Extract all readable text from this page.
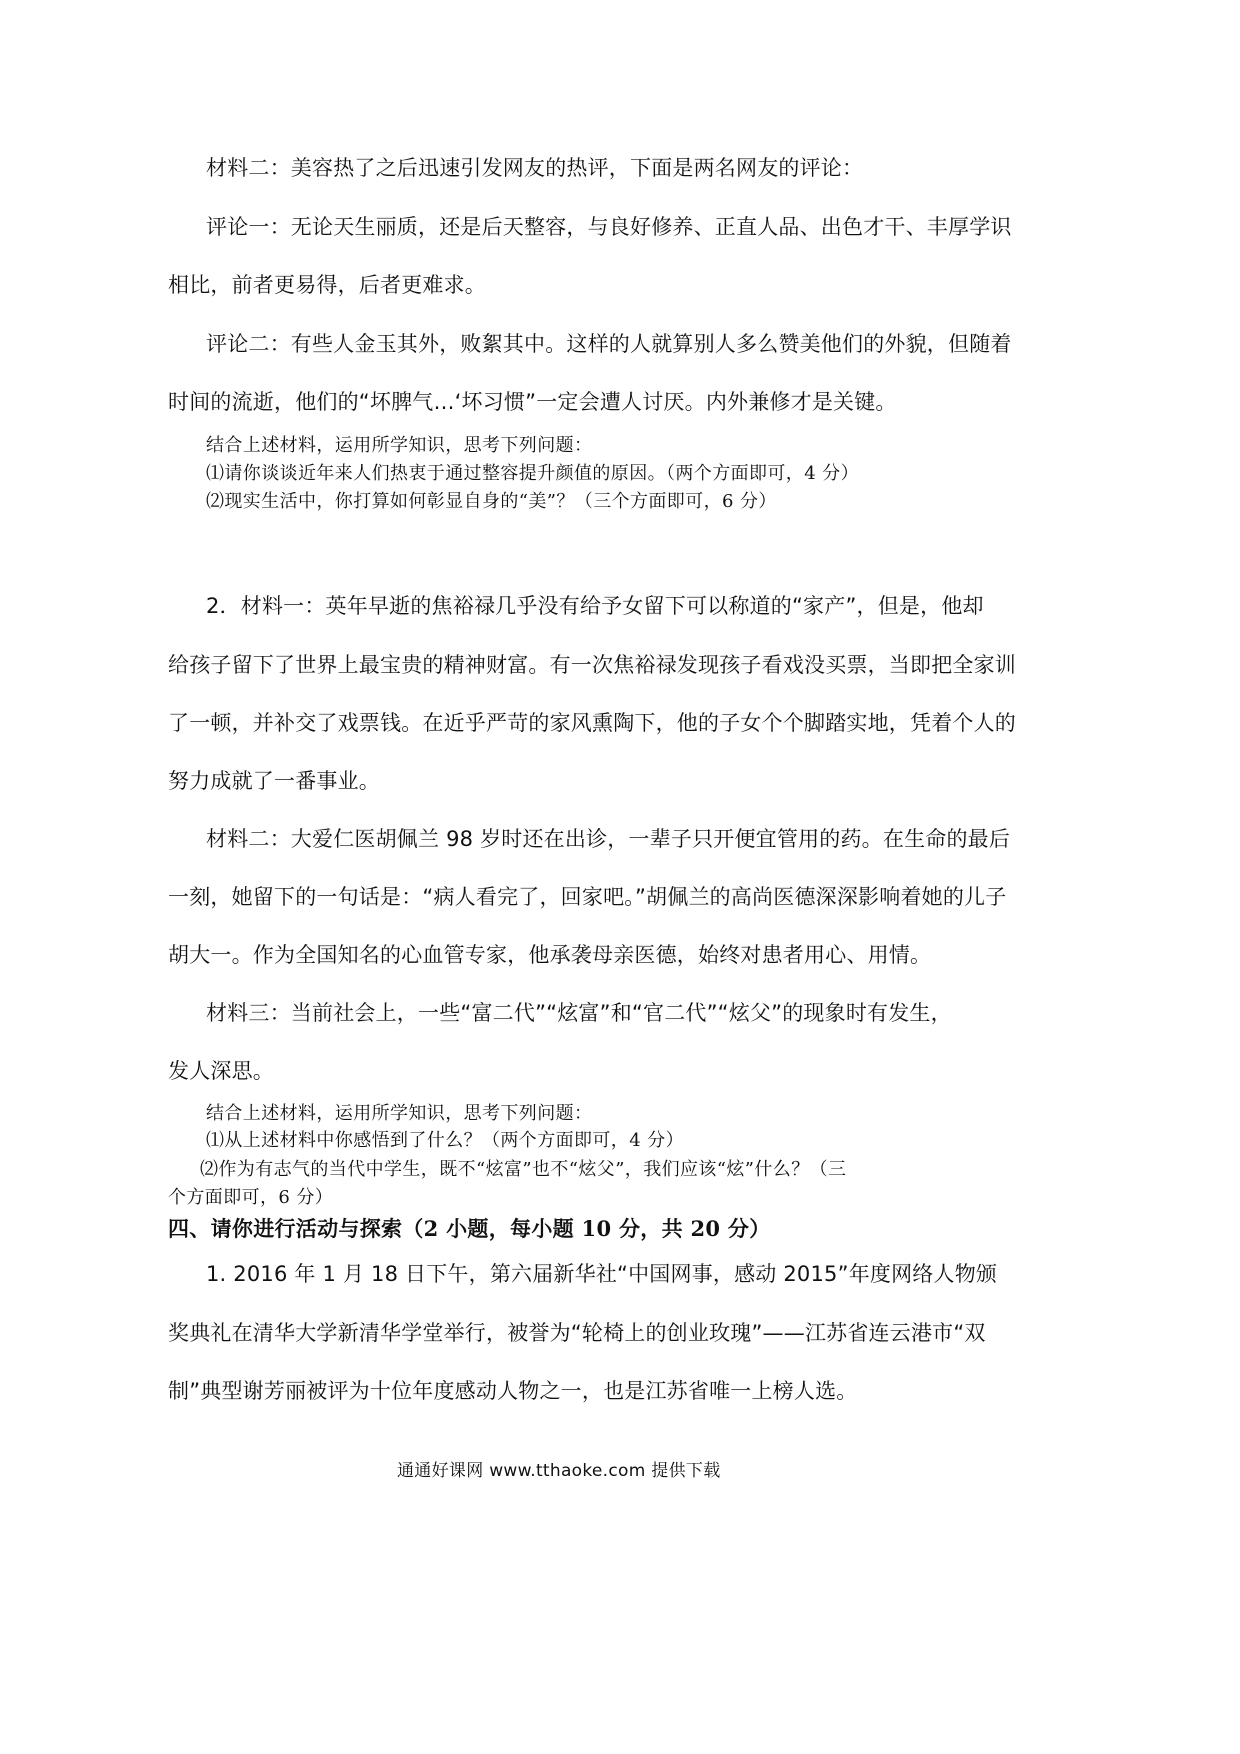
材料二：美容热了之后迅速引发网友的热评，下面是两名网友的评论：

评论一：无论天生丽质，还是后天整容，与良好修养、正直人品、出色才干、丰厚学识

相比，前者更易得，后者更难求。

评论二：有些人金玉其外，败絮其中。这样的人就算别人多么赞美他们的外貌，但随着

时间的流逝，他们的“坏脾气…‘坏习惯”一定会遭人讨厌。内外兼修才是关键。

结合上述材料，运用所学知识，思考下列问题：

⑴请你谈谈近年来人们热衷于通过整容提升颜值的原因。（两个方面即可，4 分）

⑵现实生活中，你打算如何彰显自身的“美”？（三个方面即可，6 分）

2．材料一：英年早逝的焦裕禄几乎没有给予女留下可以称道的“家产”，但是，他却

给孩子留下了世界上最宝贵的精神财富。有一次焦裕禄发现孩子看戏没买票，当即把全家训

了一顿，并补交了戏票钱。在近乎严苛的家风熏陶下，他的子女个个脚踏实地，凭着个人的

努力成就了一番事业。

材料二：大爱仁医胡佩兰 98 岁时还在出诊，一辈子只开便宜管用的药。在生命的最后

一刻，她留下的一句话是：“病人看完了，回家吧。”胡佩兰的高尚医德深深影响着她的儿子

胡大一。作为全国知名的心血管专家，他承袭母亲医德，始终对患者用心、用情。

材料三：当前社会上，一些“富二代”“炫富”和“官二代”“炫父”的现象时有发生，

发人深思。

结合上述材料，运用所学知识，思考下列问题：

⑴从上述材料中你感悟到了什么？（两个方面即可，4 分）

⑵作为有志气的当代中学生，既不“炫富”也不“炫父”，我们应该“炫”什么？（三

个方面即可，6 分）

四、请你进行活动与探索（2 小题，每小题 10 分，共 20 分）

1. 2016 年 1 月 18 日下午，第六届新华社“中国网事，感动 2015”年度网络人物颁

奖典礼在清华大学新清华学堂举行，被誉为“轮椅上的创业玫瑰”——江苏省连云港市“双

制”典型谢芳丽被评为十位年度感动人物之一，也是江苏省唯一上榜人选。

通通好课网 www.tthaoke.com 提供下载
